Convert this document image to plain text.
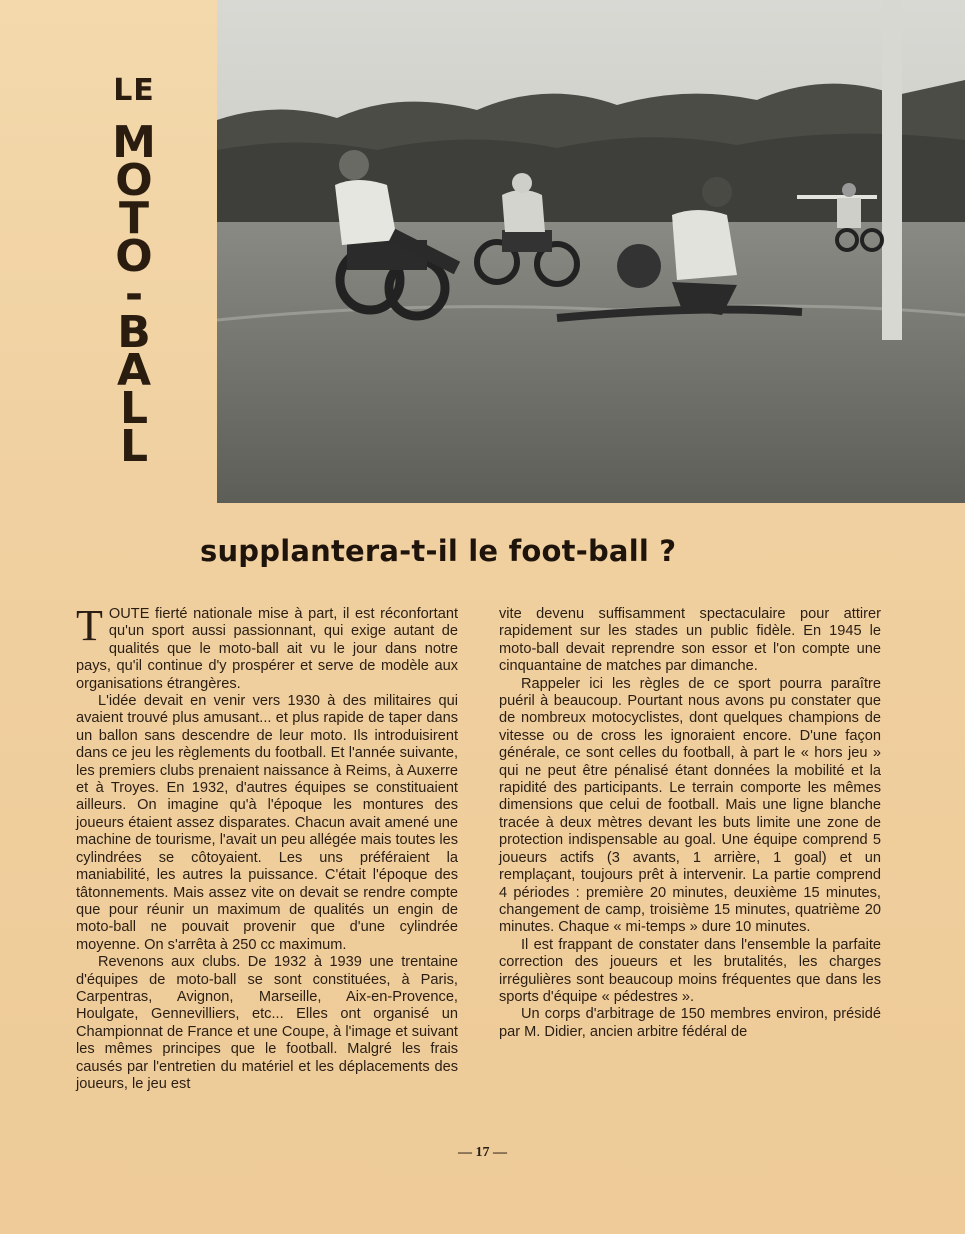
LE
M
O
T
O
-
B
A
L
L
supplantera-t-il le foot-ball ?

TOUTE fierté nationale mise à part, il est réconfortant qu'un sport aussi passionnant, qui exige autant de qualités que le moto-ball ait vu le jour dans notre pays, qu'il continue d'y prospérer et serve de modèle aux organisations étrangères.

L'idée devait en venir vers 1930 à des militaires qui avaient trouvé plus amusant... et plus rapide de taper dans un ballon sans descendre de leur moto. Ils introduisirent dans ce jeu les règlements du football. Et l'année suivante, les premiers clubs prenaient naissance à Reims, à Auxerre et à Troyes. En 1932, d'autres équipes se constituaient ailleurs. On imagine qu'à l'époque les montures des joueurs étaient assez disparates. Chacun avait amené une machine de tourisme, l'avait un peu allégée mais toutes les cylindrées se côtoyaient. Les uns préféraient la maniabilité, les autres la puissance. C'était l'époque des tâtonnements. Mais assez vite on devait se rendre compte que pour réunir un maximum de qualités un engin de moto-ball ne pouvait provenir que d'une cylindrée moyenne. On s'arrêta à 250 cc maximum.

Revenons aux clubs. De 1932 à 1939 une trentaine d'équipes de moto-ball se sont constituées, à Paris, Carpentras, Avignon, Marseille, Aix-en-Provence, Houlgate, Gennevilliers, etc... Elles ont organisé un Championnat de France et une Coupe, à l'image et suivant les mêmes principes que le football. Malgré les frais causés par l'entretien du matériel et les déplacements des joueurs, le jeu est

vite devenu suffisamment spectaculaire pour attirer rapidement sur les stades un public fidèle. En 1945 le moto-ball devait reprendre son essor et l'on compte une cinquantaine de matches par dimanche.

Rappeler ici les règles de ce sport pourra paraître puéril à beaucoup. Pourtant nous avons pu constater que de nombreux motocyclistes, dont quelques champions de vitesse ou de cross les ignoraient encore. D'une façon générale, ce sont celles du football, à part le « hors jeu » qui ne peut être pénalisé étant données la mobilité et la rapidité des participants. Le terrain comporte les mêmes dimensions que celui de football. Mais une ligne blanche tracée à deux mètres devant les buts limite une zone de protection indispensable au goal. Une équipe comprend 5 joueurs actifs (3 avants, 1 arrière, 1 goal) et un remplaçant, toujours prêt à intervenir. La partie comprend 4 périodes : première 20 minutes, deuxième 15 minutes, changement de camp, troisième 15 minutes, quatrième 20 minutes. Chaque « mi-temps » dure 10 minutes.

Il est frappant de constater dans l'ensemble la parfaite correction des joueurs et les brutalités, les charges irrégulières sont beaucoup moins fréquentes que dans les sports d'équipe « pédestres ».

Un corps d'arbitrage de 150 membres environ, présidé par M. Didier, ancien arbitre fédéral de

— 17 —
